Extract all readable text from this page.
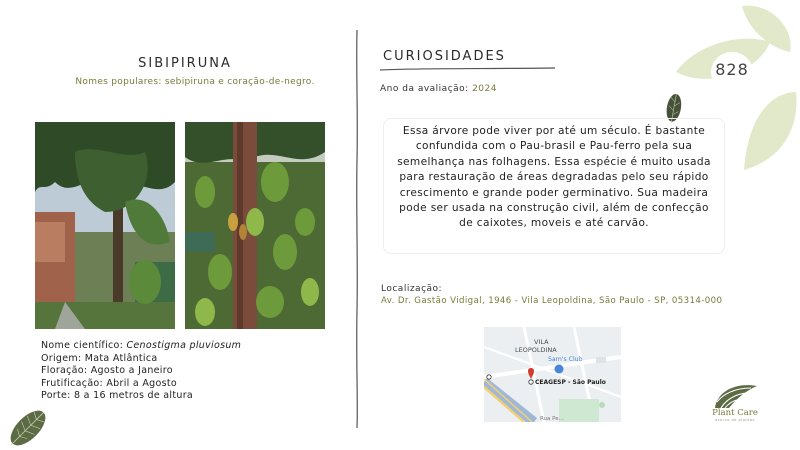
SIBIPIRUNA
Nomes populares: sebipiruna e coração-de-negro.
Nome científico: Cenostigma pluviosum
Origem: Mata Atlântica
Floração: Agosto a Janeiro
Frutificação: Abril a Agosto
Porte: 8 a 16 metros de altura
CURIOSIDADES
Ano da avaliação: 2024
Essa árvore pode viver por até um século. É bastante confundida com o Pau-brasil e Pau-ferro pela sua semelhança nas folhagens. Essa espécie é muito usada para restauração de áreas degradadas pelo seu rápido crescimento e grande poder germinativo. Sua madeira pode ser usada na construção civil, além de confecção de caixotes, moveis e até carvão.
Localização:
Av. Dr. Gastão Vidigal, 1946 - Vila Leopoldina, São Paulo - SP, 05314-000
VILA
LEOPOLDINA
Sam's Club
CEAGESP - São Paulo
Rua Pe...
828
Plant Care
acervo de plantas
